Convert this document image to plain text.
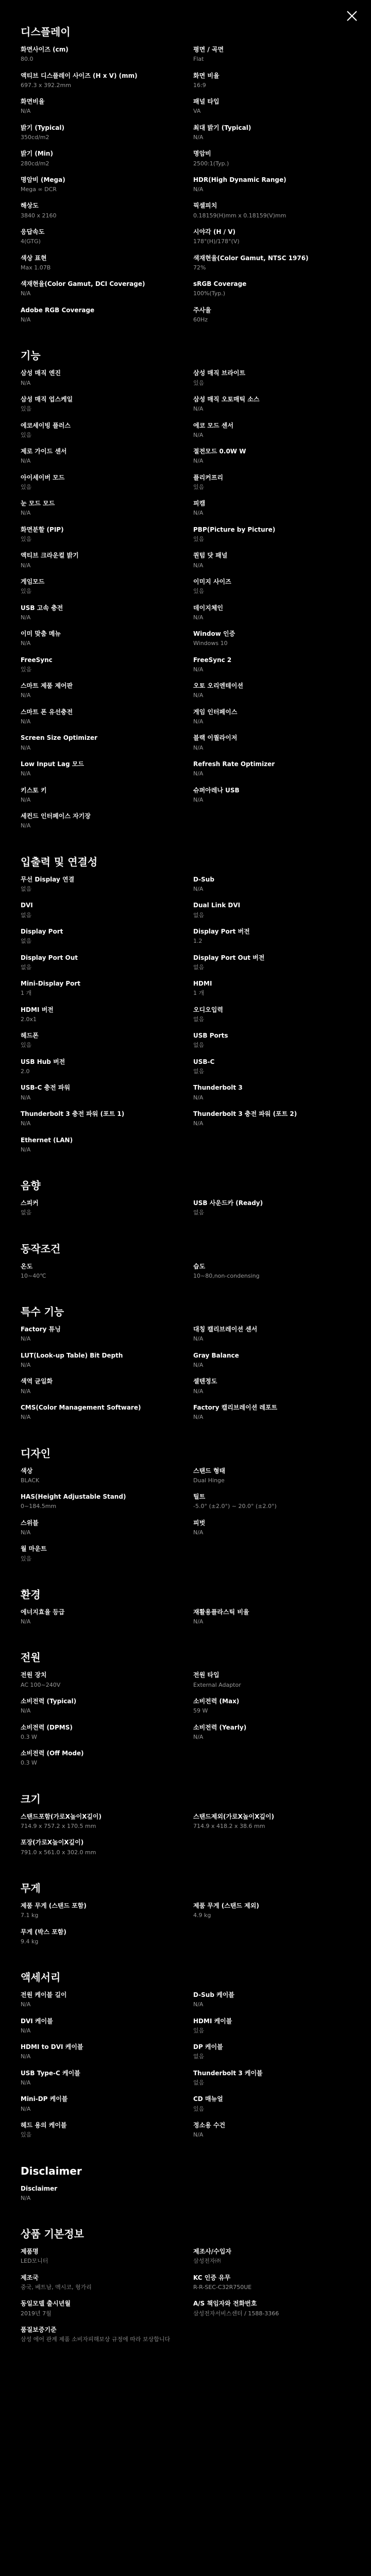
디스플레이
화면사이즈 (cm)
80.0
평면 / 곡면
Flat
액티브 디스플레이 사이즈 (H x V) (mm)
697.3 x 392.2mm
화면 비율
16:9
화면비율
N/A
패널 타입
VA
밝기 (Typical)
350cd/m2
최대 밝기 (Typical)
N/A
밝기 (Min)
280cd/m2
명암비
2500:1(Typ.)
명암비 (Mega)
Mega ∞ DCR
HDR(High Dynamic Range)
N/A
해상도
3840 x 2160
픽셀피치
0.18159(H)mm x 0.18159(V)mm
응답속도
4(GTG)
시야각 (H / V)
178°(H)/178°(V)
색상 표현
Max 1.07B
색재현율(Color Gamut, NTSC 1976)
72%
색재현율(Color Gamut, DCI Coverage)
N/A
sRGB Coverage
100%(Typ.)
Adobe RGB Coverage
N/A
주사율
60Hz
기능
삼성 매직 엔진
N/A
삼성 매직 브라이트
있음
삼성 매직 업스케일
있음
삼성 매직 오토매틱 소스
N/A
에코세이빙 플러스
있음
에코 모드 센서
N/A
제로 가이드 센서
N/A
절전모드 0.0W W
N/A
아이세이버 모드
있음
플리커프리
있음
눈 모드 모드
N/A
피캠
N/A
화면분할 (PIP)
있음
PBP(Picture by Picture)
있음
액티브 크라운컬 밝기
N/A
퀀텀 닷 패널
N/A
게임모드
있음
이미지 사이즈
있음
USB 고속 충전
N/A
데이지체인
N/A
이미 맞춤 메뉴
N/A
Window 인증
Windows 10
FreeSync
있음
FreeSync 2
N/A
스마트 제품 제어판
N/A
오토 오리엔테이션
N/A
스마트 폰 유선충전
N/A
게임 인터페이스
N/A
Screen Size Optimizer
N/A
블랙 이퀄라이저
N/A
Low Input Lag 모드
N/A
Refresh Rate Optimizer
N/A
키스토 키
N/A
슈퍼아레나 USB
N/A
세컨드 인터페이스 자기장
N/A
입출력 및 연결성
무선 Display 연결
없음
D-Sub
N/A
DVI
없음
Dual Link DVI
없음
Display Port
없음
Display Port 버전
1.2
Display Port Out
없음
Display Port Out 버전
없음
Mini-Display Port
1 개
HDMI
1 개
HDMI 버전
2.0x1
오디오입력
없음
헤드폰
있음
USB Ports
없음
USB Hub 버전
2.0
USB-C
없음
USB-C 충전 파워
N/A
Thunderbolt 3
N/A
Thunderbolt 3 충전 파워 (포트 1)
N/A
Thunderbolt 3 충전 파워 (포트 2)
N/A
Ethernet (LAN)
N/A
음향
스피커
없음
USB 사운드카 (Ready)
없음
동작조건
온도
10~40℃
습도
10~80,non-condensing
특수 기능
Factory 튜닝
N/A
대칭 캘리브레이션 센서
N/A
LUT(Look-up Table) Bit Depth
N/A
Gray Balance
N/A
색역 균일화
N/A
셀텐정도
N/A
CMS(Color Management Software)
N/A
Factory 캘리브레이션 레포트
N/A
디자인
색상
BLACK
스탠드 형태
Dual Hinge
HAS(Height Adjustable Stand)
0~184.5mm
틸트
-5.0° (±2.0°) ~ 20.0° (±2.0°)
스위블
N/A
피벗
N/A
월 마운트
있음
환경
에너지효율 등급
N/A
재활용플라스틱 비율
N/A
전원
전원 장치
AC 100~240V
전원 타입
External Adaptor
소비전력 (Typical)
N/A
소비전력 (Max)
59 W
소비전력 (DPMS)
0.3 W
소비전력 (Yearly)
N/A
소비전력 (Off Mode)
0.3 W
크기
스탠드포함(가로X높이X깊이)
714.9 x 757.2 x 170.5 mm
스탠드제외(가로X높이X깊이)
714.9 x 418.2 x 38.6 mm
포장(가로X높이X깊이)
791.0 x 561.0 x 302.0 mm
무게
제품 무게 (스탠드 포함)
7.1 kg
제품 무게 (스탠드 제외)
4.9 kg
무게 (박스 포함)
9.4 kg
액세서리
전원 케이블 길이
N/A
D-Sub 케이블
N/A
DVI 케이블
N/A
HDMI 케이블
있음
HDMI to DVI 케이블
N/A
DP 케이블
없음
USB Type-C 케이블
N/A
Thunderbolt 3 케이블
없음
Mini-DP 케이블
N/A
CD 매뉴얼
있음
헤드 용의 케이블
있음
정소용 수건
N/A
Disclaimer
Disclaimer
N/A
상품 기본정보
제품명
LED모니터
제조사/수입자
삼성전자㈜
제조국
중국, 베트남, 멕시코, 헝가리
KC 인증 유무
R-R-SEC-C32R750UE
동일모델 출시년월
2019년 7월
A/S 책임자와 전화번호
삼성전자서비스센터 / 1588-3366
품질보증기준
삼성 에어 관계 제품 소비자피해보상 규정에 따라 보상합니다
